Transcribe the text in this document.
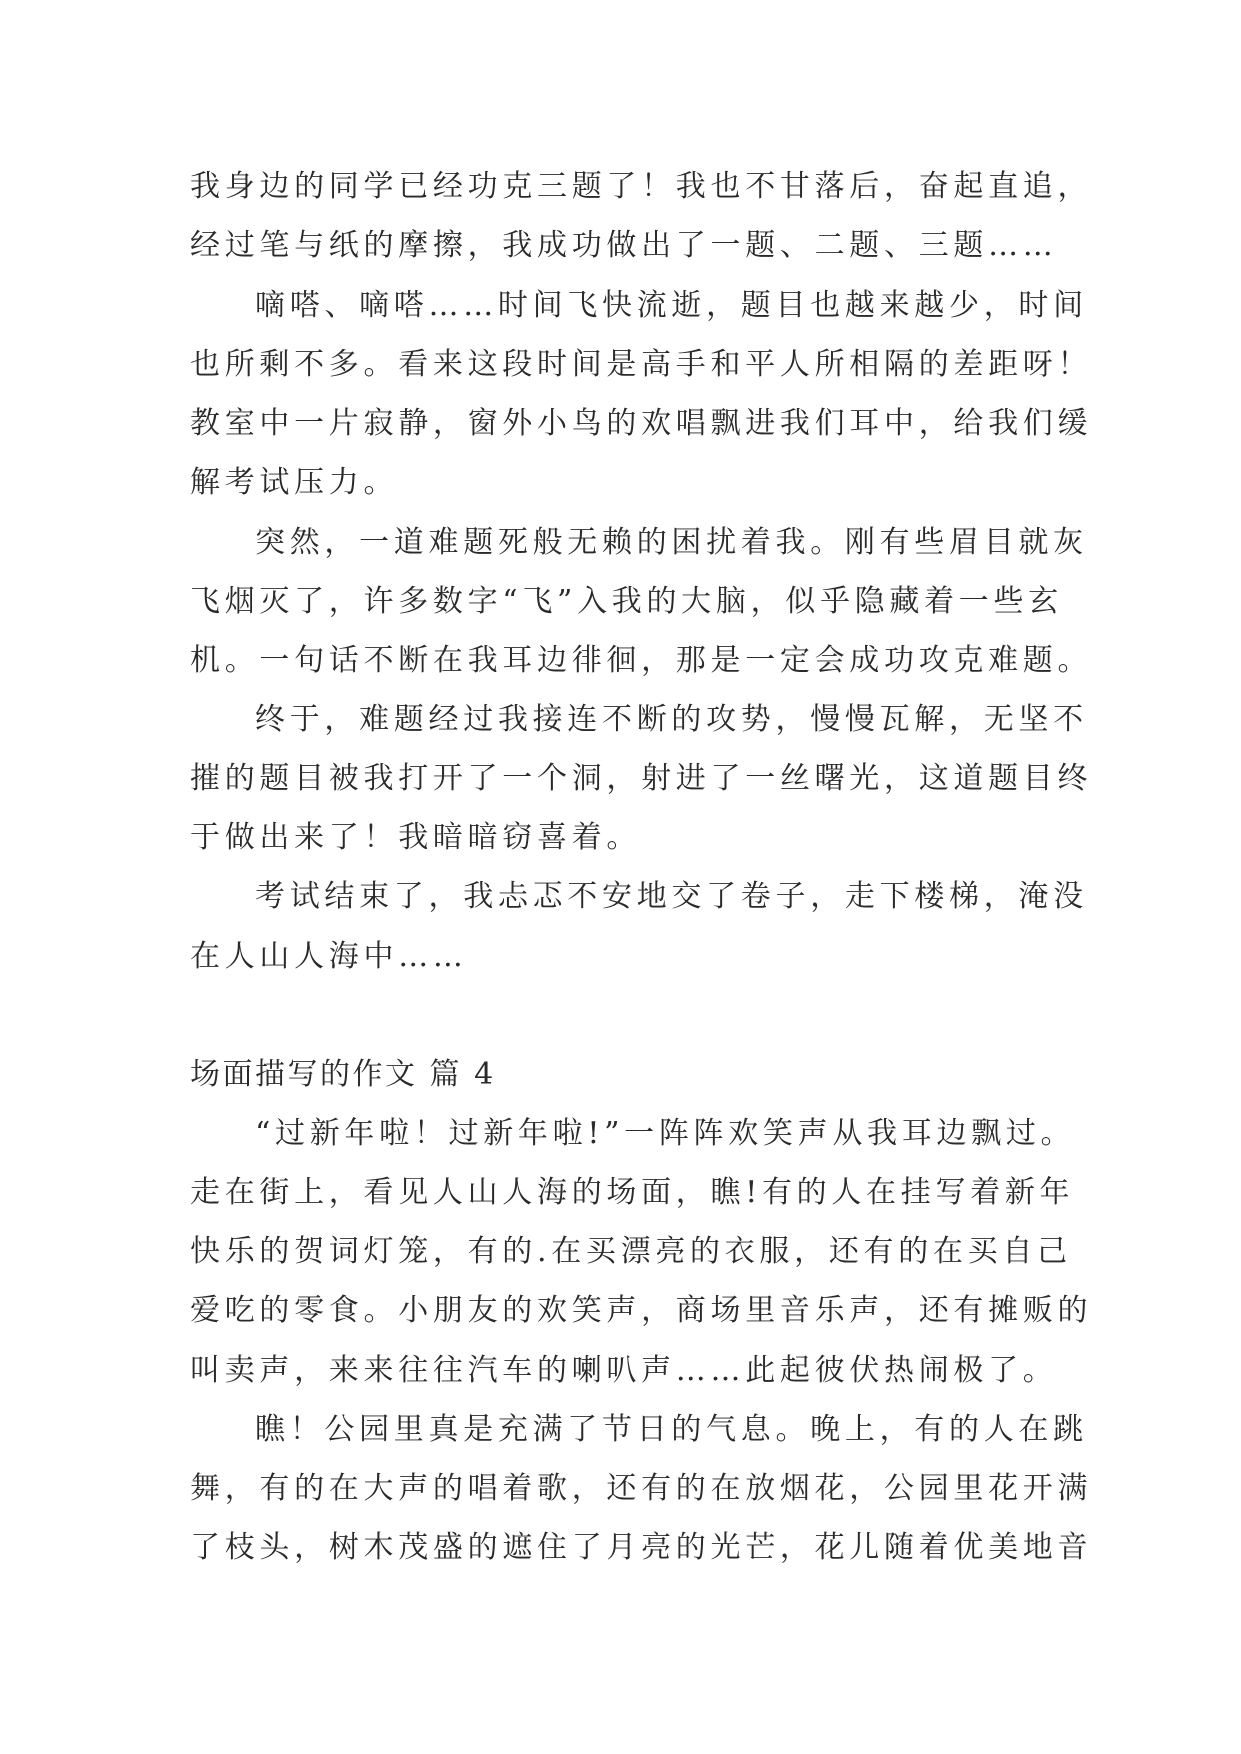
我身边的同学已经功克三题了！我也不甘落后，奋起直追，

经过笔与纸的摩擦，我成功做出了一题、二题、三题……

嘀嗒、嘀嗒……时间飞快流逝，题目也越来越少，时间

也所剩不多。看来这段时间是高手和平人所相隔的差距呀！

教室中一片寂静，窗外小鸟的欢唱飘进我们耳中，给我们缓

解考试压力。

突然，一道难题死般无赖的困扰着我。刚有些眉目就灰

飞烟灭了，许多数字“飞”入我的大脑，似乎隐藏着一些玄

机。一句话不断在我耳边徘徊，那是一定会成功攻克难题。

终于，难题经过我接连不断的攻势，慢慢瓦解，无坚不

摧的题目被我打开了一个洞，射进了一丝曙光，这道题目终

于做出来了！我暗暗窃喜着。

考试结束了，我忐忑不安地交了卷子，走下楼梯，淹没

在人山人海中……

场面描写的作文 篇 4

“过新年啦！过新年啦!”一阵阵欢笑声从我耳边飘过。

走在街上，看见人山人海的场面，瞧!有的人在挂写着新年

快乐的贺词灯笼，有的.在买漂亮的衣服，还有的在买自己

爱吃的零食。小朋友的欢笑声，商场里音乐声，还有摊贩的

叫卖声，来来往往汽车的喇叭声……此起彼伏热闹极了。

瞧！公园里真是充满了节日的气息。晚上，有的人在跳

舞，有的在大声的唱着歌，还有的在放烟花，公园里花开满

了枝头，树木茂盛的遮住了月亮的光芒，花儿随着优美地音
